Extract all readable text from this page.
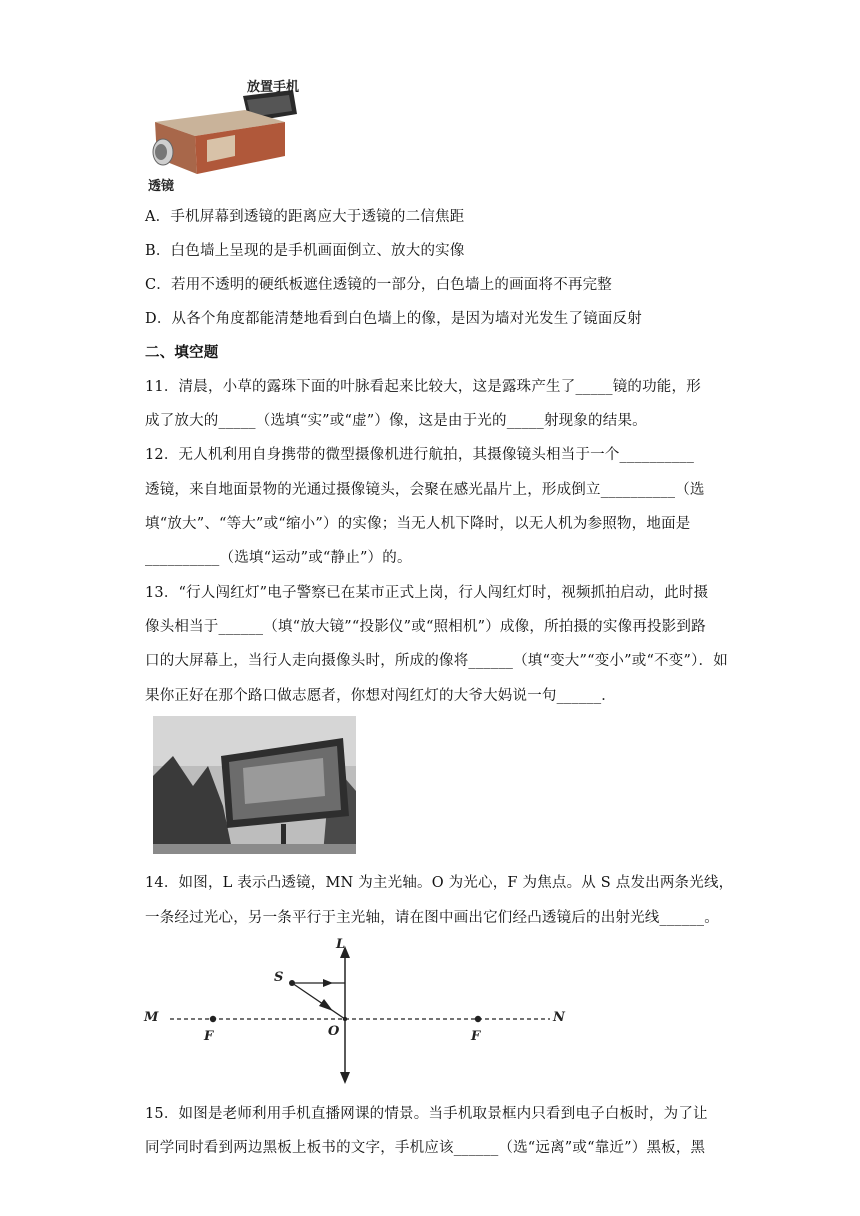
放置手机
透镜
A．手机屏幕到透镜的距离应大于透镜的二信焦距
B．白色墙上呈现的是手机画面倒立、放大的实像
C．若用不透明的硬纸板遮住透镜的一部分，白色墙上的画面将不再完整
D．从各个角度都能清楚地看到白色墙上的像，是因为墙对光发生了镜面反射
二、填空题
11．清晨，小草的露珠下面的叶脉看起来比较大，这是露珠产生了_____镜的功能，形
成了放大的_____（选填“实”或“虚”）像，这是由于光的_____射现象的结果。
12．无人机利用自身携带的微型摄像机进行航拍，其摄像镜头相当于一个__________
透镜，来自地面景物的光通过摄像镜头，会聚在感光晶片上，形成倒立__________（选
填“放大”、“等大”或“缩小”）的实像；当无人机下降时，以无人机为参照物，地面是
__________（选填“运动”或“静止”）的。
13．“行人闯红灯”电子警察已在某市正式上岗，行人闯红灯时，视频抓拍启动，此时摄
像头相当于______（填“放大镜”“投影仪”或“照相机”）成像，所拍摄的实像再投影到路
口的大屏幕上，当行人走向摄像头时，所成的像将______（填“变大”“变小”或“不变”）．如
果你正好在那个路口做志愿者，你想对闯红灯的大爷大妈说一句______．
14．如图，L 表示凸透镜，MN 为主光轴。O 为光心，F 为焦点。从 S 点发出两条光线，
一条经过光心，另一条平行于主光轴，请在图中画出它们经凸透镜后的出射光线______。
L
S
M	N
O
F	F
15．如图是老师利用手机直播网课的情景。当手机取景框内只看到电子白板时，为了让
同学同时看到两边黑板上板书的文字，手机应该______（选“远离”或“靠近”）黑板，黑
